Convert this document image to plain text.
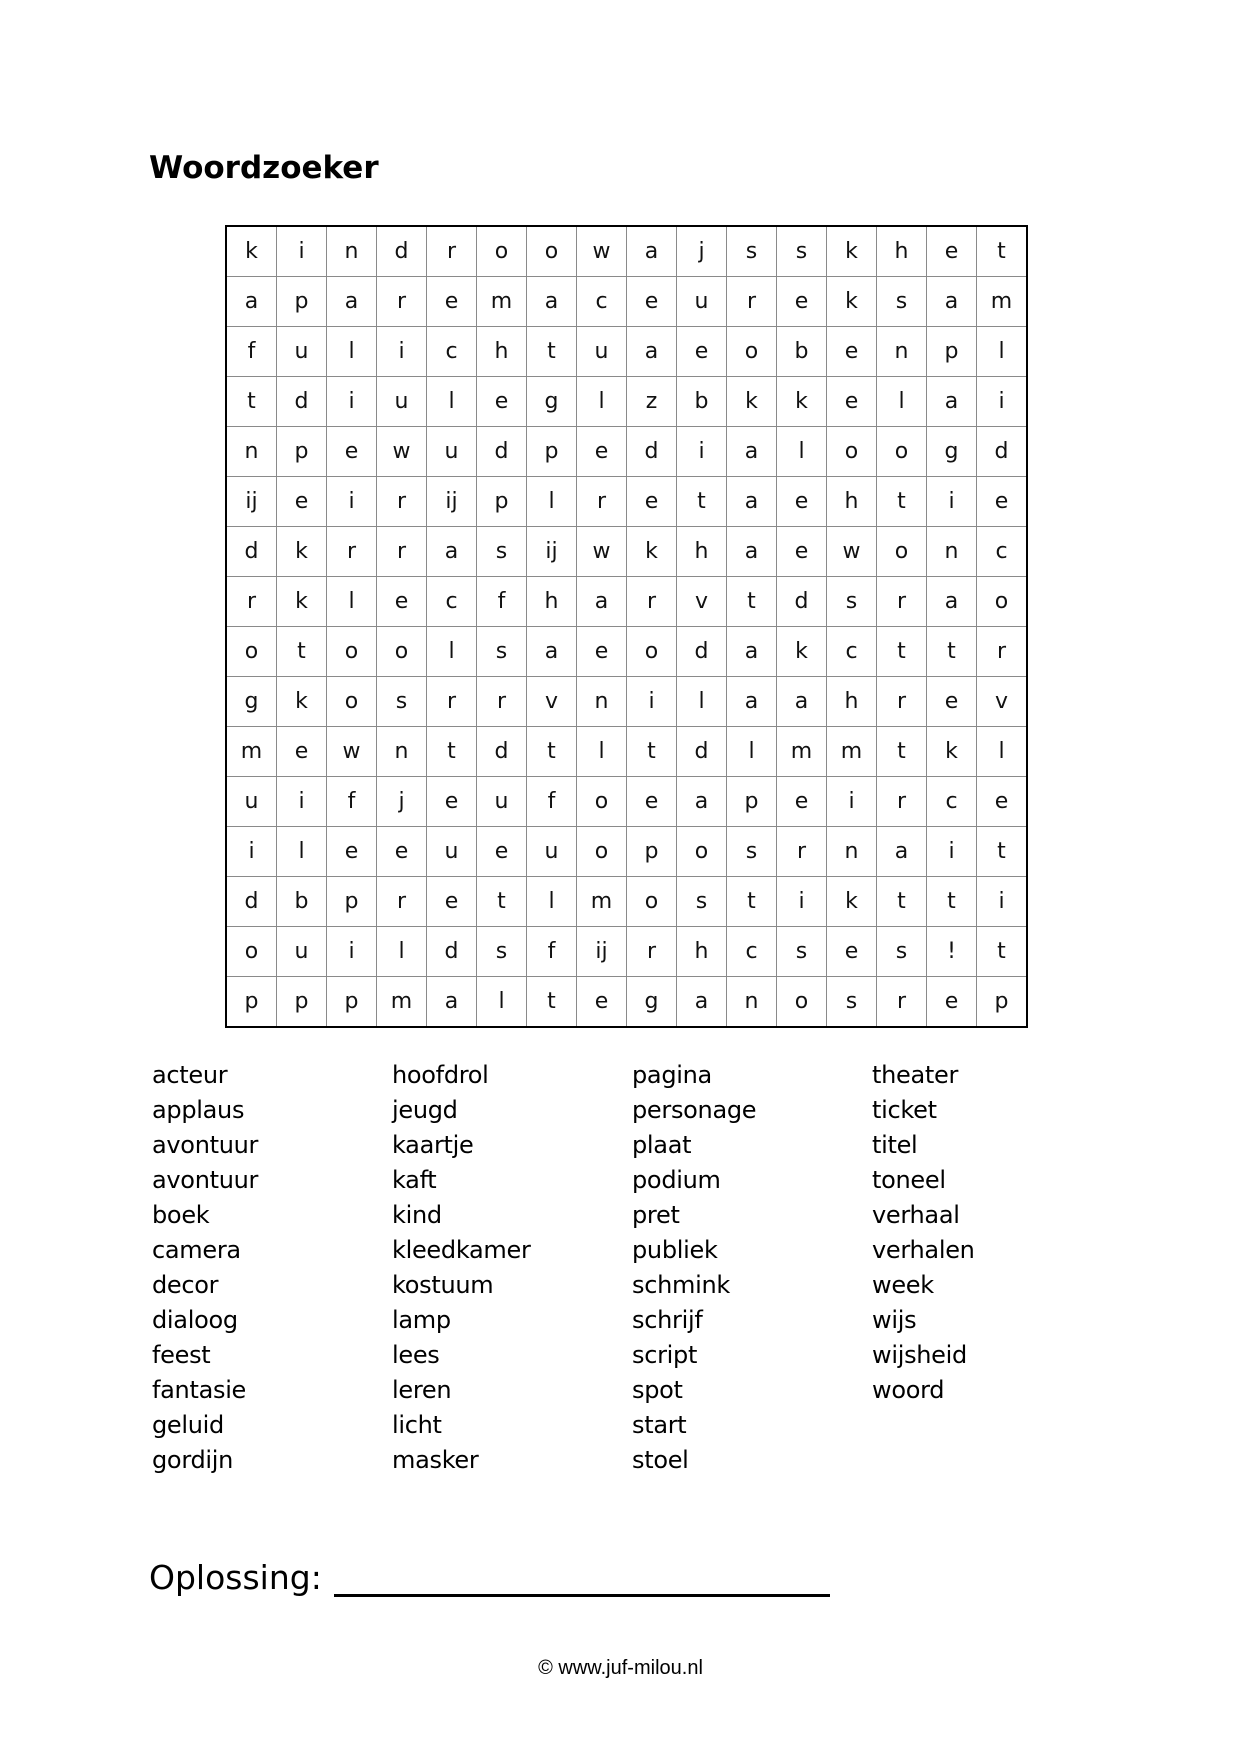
Woordzoeker
k	i	n	d	r	o	o	w	a	j	s	s	k	h	e	t
a	p	a	r	e	m	a	c	e	u	r	e	k	s	a	m
f	u	l	i	c	h	t	u	a	e	o	b	e	n	p	l
t	d	i	u	l	e	g	l	z	b	k	k	e	l	a	i
n	p	e	w	u	d	p	e	d	i	a	l	o	o	g	d
ij	e	i	r	ij	p	l	r	e	t	a	e	h	t	i	e
d	k	r	r	a	s	ij	w	k	h	a	e	w	o	n	c
r	k	l	e	c	f	h	a	r	v	t	d	s	r	a	o
o	t	o	o	l	s	a	e	o	d	a	k	c	t	t	r
g	k	o	s	r	r	v	n	i	l	a	a	h	r	e	v
m	e	w	n	t	d	t	l	t	d	l	m	m	t	k	l
u	i	f	j	e	u	f	o	e	a	p	e	i	r	c	e
i	l	e	e	u	e	u	o	p	o	s	r	n	a	i	t
d	b	p	r	e	t	l	m	o	s	t	i	k	t	t	i
o	u	i	l	d	s	f	ij	r	h	c	s	e	s	!	t
p	p	p	m	a	l	t	e	g	a	n	o	s	r	e	p
acteur
applaus
avontuur
avontuur
boek
camera
decor
dialoog
feest
fantasie
geluid
gordijn
hoofdrol
jeugd
kaartje
kaft
kind
kleedkamer
kostuum
lamp
lees
leren
licht
masker
pagina
personage
plaat
podium
pret
publiek
schmink
schrijf
script
spot
start
stoel
theater
ticket
titel
toneel
verhaal
verhalen
week
wijs
wijsheid
woord
Oplossing:
© www.juf-milou.nl
